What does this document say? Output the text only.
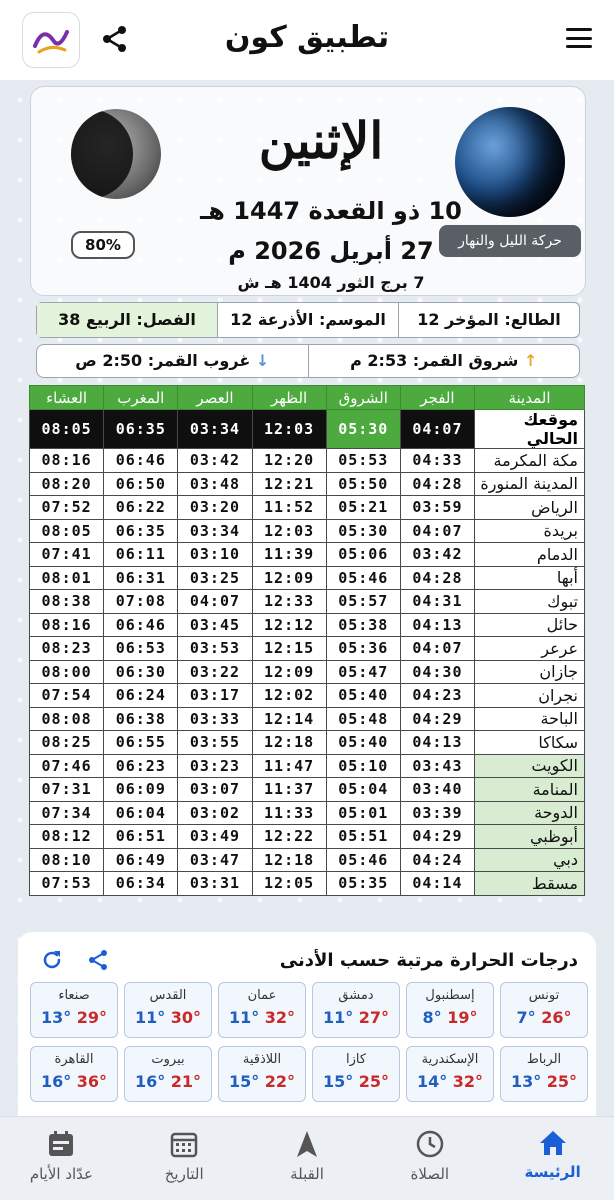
تطبيق كون
80%	حركة الليل والنهار
الإثنين
10 ذو القعدة 1447 هـ
27 أبريل 2026 م
7 برج الثور 1404 هـ ش
الطالع: المؤخر 12
الموسم: الأذرعة 12
الفصل: الربيع 38
↑ شروق القمر: 2:53 م
↓ غروب القمر: 2:50 ص
المدينة	الفجر	الشروق	الظهر	العصر	المغرب	العشاء
موقعك الحالي	04:07	05:30	12:03	03:34	06:35	08:05
مكة المكرمة	04:33	05:53	12:20	03:42	06:46	08:16
المدينة المنورة	04:28	05:50	12:21	03:48	06:50	08:20
الرياض	03:59	05:21	11:52	03:20	06:22	07:52
بريدة	04:07	05:30	12:03	03:34	06:35	08:05
الدمام	03:42	05:06	11:39	03:10	06:11	07:41
أبها	04:28	05:46	12:09	03:25	06:31	08:01
تبوك	04:31	05:57	12:33	04:07	07:08	08:38
حائل	04:13	05:38	12:12	03:45	06:46	08:16
عرعر	04:07	05:36	12:15	03:53	06:53	08:23
جازان	04:30	05:47	12:09	03:22	06:30	08:00
نجران	04:23	05:40	12:02	03:17	06:24	07:54
الباحة	04:29	05:48	12:14	03:33	06:38	08:08
سكاكا	04:13	05:40	12:18	03:55	06:55	08:25
الكويت	03:43	05:10	11:47	03:23	06:23	07:46
المنامة	03:40	05:04	11:37	03:07	06:09	07:31
الدوحة	03:39	05:01	11:33	03:02	06:04	07:34
أبوظبي	04:29	05:51	12:22	03:49	06:51	08:12
دبي	04:24	05:46	12:18	03:47	06:49	08:10
مسقط	04:14	05:35	12:05	03:31	06:34	07:53
درجات الحرارة مرتبة حسب الأدنى
تونس
7° 26°
إسطنبول
8° 19°
دمشق
11° 27°
عمان
11° 32°
القدس
11° 30°
صنعاء
13° 29°
الرباط
13° 25°
الإسكندرية
14° 32°
كازا
15° 25°
اللاذقية
15° 22°
بيروت
16° 21°
القاهرة
16° 36°
الرئيسة
الصلاة
القبلة
التاريخ
عدّاد الأيام
